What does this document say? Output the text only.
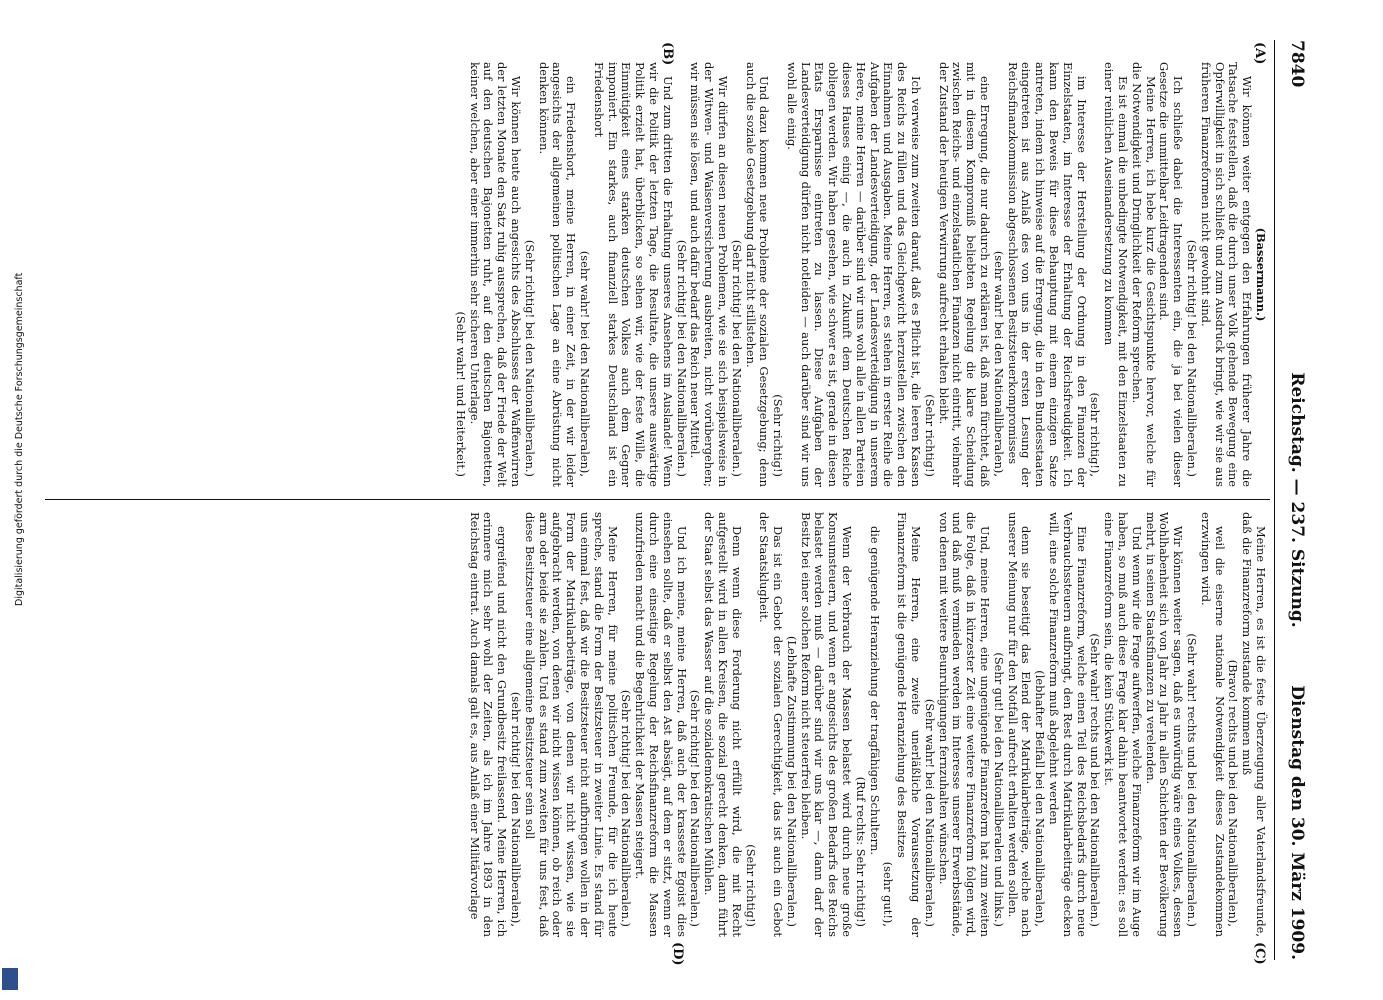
7840
Reichstag. — 237. Sitzung.
Dienstag den 30. März 1909.
(A)
(B)
(C)
(D)

(Bassermann.)

Wir können weiter entgegen den Erfahrungen früherer Jahre die Tatsache feststellen, daß die durch unser Volk gehende Bewegung eine Opferwilligkeit in sich schließt und zum Ausdruck bringt, wie wir sie aus früheren Finanzreformen nicht gewohnt sind.

(Sehr richtig! bei den Nationalliberalen.)

Ich schließe dabei die Interessenten ein, die ja bei vielen dieser Gesetze die unmittelbar Leidtragenden sind.

Meine Herren, ich hebe kurz die Gesichtspunkte hervor, welche für die Notwendigkeit und Dringlichkeit der Reform sprechen.

Es ist einmal die unbedingte Notwendigkeit, mit den Einzelstaaten zu einer reinlichen Auseinandersetzung zu kommen

(sehr richtig!),

im Interesse der Herstellung der Ordnung in den Finanzen der Einzelstaaten, im Interesse der Erhaltung der Reichsfreudigkeit. Ich kann den Beweis für diese Behauptung mit einem einzigen Satze antreten, indem ich hinweise auf die Erregung, die in den Bundesstaaten eingetreten ist aus Anlaß des von uns in der ersten Lesung der Reichsfinanzkommission abgeschlossenen Besitzsteuerkompromisses

(sehr wahr! bei den Nationalliberalen),

eine Erregung, die nur dadurch zu erklären ist, daß man fürchtet, daß mit in diesem Kompromiß beliebten Regelung die klare Scheidung zwischen Reichs- und einzelstaatlichen Finanzen nicht eintritt, vielmehr der Zustand der heutigen Verwirrung aufrecht erhalten bleibt.

(Sehr richtig!)

Ich verweise zum zweiten darauf, daß es Pflicht ist, die leeren Kassen des Reichs zu füllen und das Gleichgewicht herzustellen zwischen den Einnahmen und Ausgaben. Meine Herren, es stehen in erster Reihe die Aufgaben der Landesverteidigung, der Landesverteidigung in unserem Heere, meine Herren — darüber sind wir uns wohl alle in allen Parteien dieses Hauses einig —, die auch in Zukunft dem Deutschen Reiche obliegen werden. Wir haben gesehen, wie schwer es ist, gerade in diesen Etats Ersparnisse eintreten zu lassen. Diese Aufgaben der Landesverteidigung dürfen nicht notleiden — auch darüber sind wir uns wohl alle einig.

(Sehr richtig!)

Und dazu kommen neue Probleme der sozialen Gesetzgebung; denn auch die soziale Gesetzgebung darf nicht stillstehen.

(Sehr richtig! bei den Nationalliberalen.)

Wir dürfen an diesen neuen Problemen, wie sie sich beispielsweise in der Witwen- und Waisenversicherung ausbreiten, nicht vorübergehen; wir müssen sie lösen, und auch dafür bedarf das Reich neuer Mittel.

(Sehr richtig! bei den Nationalliberalen.)

Und zum dritten die Erhaltung unseres Ansehens im Auslande! Wenn wir die Politik der letzten Tage, die Resultate, die unsere auswärtige Politik erzielt hat, überblicken, so sehen wir, wie der feste Wille, die Einmütigkeit eines starken deutschen Volkes auch dem Gegner imponiert. Ein starkes, auch finanziell starkes Deutschland ist ein Friedenshort

(sehr wahr! bei den Nationalliberalen),

ein Friedenshort, meine Herren, in einer Zeit, in der wir leider angesichts der allgemeinen politischen Lage an eine Abrüstung nicht denken können.

(Sehr richtig! bei den Nationalliberalen.)

Wir können heute auch angesichts des Abschlusses der Waffenwirren der letzten Monate den Satz ruhig aussprechen, daß der Friede der Welt auf den deutschen Bajonetten ruht, auf den deutschen Bajonetten, keiner welchen, aber einer immerhin sehr sicheren Unterlage.

(Sehr wahr! und Heiterkeit.)

Meine Herren, es ist die feste Überzeugung aller Vaterlandsfreunde, daß die Finanzreform zustande kommen muß

(Bravo! rechts und bei den Nationalliberalen),

weil die eiserne nationale Notwendigkeit dieses Zustandekommen erzwingen wird.

(Sehr wahr! rechts und bei den Nationalliberalen.)

Wir können weiter sagen, daß es unwürdig wäre eines Volkes, dessen Wohlhabenheit sich von Jahr zu Jahr in allen Schichten der Bevölkerung mehrt, in seinen Staatsfinanzen zu verelenden.

Und wenn wir die Frage aufwerfen, welche Finanzreform wir im Auge haben, so muß auch diese Frage klar dahin beantwortet werden: es soll eine Finanzreform sein, die kein Stückwerk ist.

(Sehr wahr! rechts und bei den Nationalliberalen.)

Eine Finanzreform, welche einen Teil des Reichsbedarfs durch neue Verbrauchssteuern aufbringt, den Rest durch Matrikularbeiträge decken will, eine solche Finanzreform muß abgelehnt werden

(lebhafter Beifall bei den Nationalliberalen),

denn sie beseitigt das Elend der Matrikularbeiträge, welche nach unserer Meinung nur für den Notfall aufrecht erhalten werden sollen.

(Sehr gut! bei den Nationalliberalen und links.)

Und, meine Herren, eine ungenügende Finanzreform hat zum zweiten die Folge, daß in kürzester Zeit eine weitere Finanzreform folgen wird, und daß muß vermieden werden im Interesse unserer Erwerbsstände, von denen mit weitere Beunruhigungen fernzuhalten wünschen.

(Sehr wahr! bei den Nationalliberalen.)

Meine Herren, eine zweite unerläßliche Voraussetzung der Finanzreform ist die genügende Heranziehung des Besitzes

(sehr gut!),

die genügende Heranziehung der tragfähigen Schultern.

(Ruf rechts: Sehr richtig!)

Wenn der Verbrauch der Massen belastet wird durch neue große Konsumsteuern, und wenn er angesichts des großen Bedarfs des Reichs belastet werden muß — darüber sind wir uns klar —, dann darf der Besitz bei einer solchen Reform nicht steuerfrei bleiben.

(Lebhafte Zustimmung bei den Nationalliberalen.)

Das ist ein Gebot der sozialen Gerechtigkeit, das ist auch ein Gebot der Staatsklugheit.

(Sehr richtig!)

Denn wenn diese Forderung nicht erfüllt wird, die mit Recht aufgestellt wird in allen Kreisen, die sozial gerecht denken, dann führt der Staat selbst das Wasser auf die sozialdemokratischen Mühlen.

(Sehr richtig! bei den Nationalliberalen.)

Und ich meine, meine Herren, daß auch der krasseste Egoist dies einsehen sollte, daß er selbst den Ast absägt, auf dem er sitzt, wenn er durch eine einseitige Regelung der Reichsfinanzreform die Massen unzufrieden macht und die Begehrlichkeit der Massen steigert.

(Sehr richtig! bei den Nationalliberalen.)

Meine Herren, für meine politischen Freunde, für die ich heute spreche, stand die Form der Besitzsteuer in zweiter Linie. Es stand für uns einmal fest, daß wir die Besitzsteuer nicht aufbringen wollen in der Form der Matrikularbeiträge, von denen wir nicht wissen, wie sie aufgebracht werden, von denen wir nicht wissen können, ob reich oder arm oder beide sie zahlen. Und es stand zum zweiten für uns fest, daß diese Besitzsteuer eine allgemeine Besitzsteuer sein soll

(sehr richtig! bei den Nationalliberalen),

ergreifend und nicht den Grundbesitz freilassend. Meine Herren, ich erinnere mich sehr wohl der Zeiten, als ich im Jahre 1893 in den Reichstag eintrat. Auch damals galt es, aus Anlaß einer Militärvorlage

Digitalisierung gefördert durch die Deutsche Forschungsgemeinschaft
